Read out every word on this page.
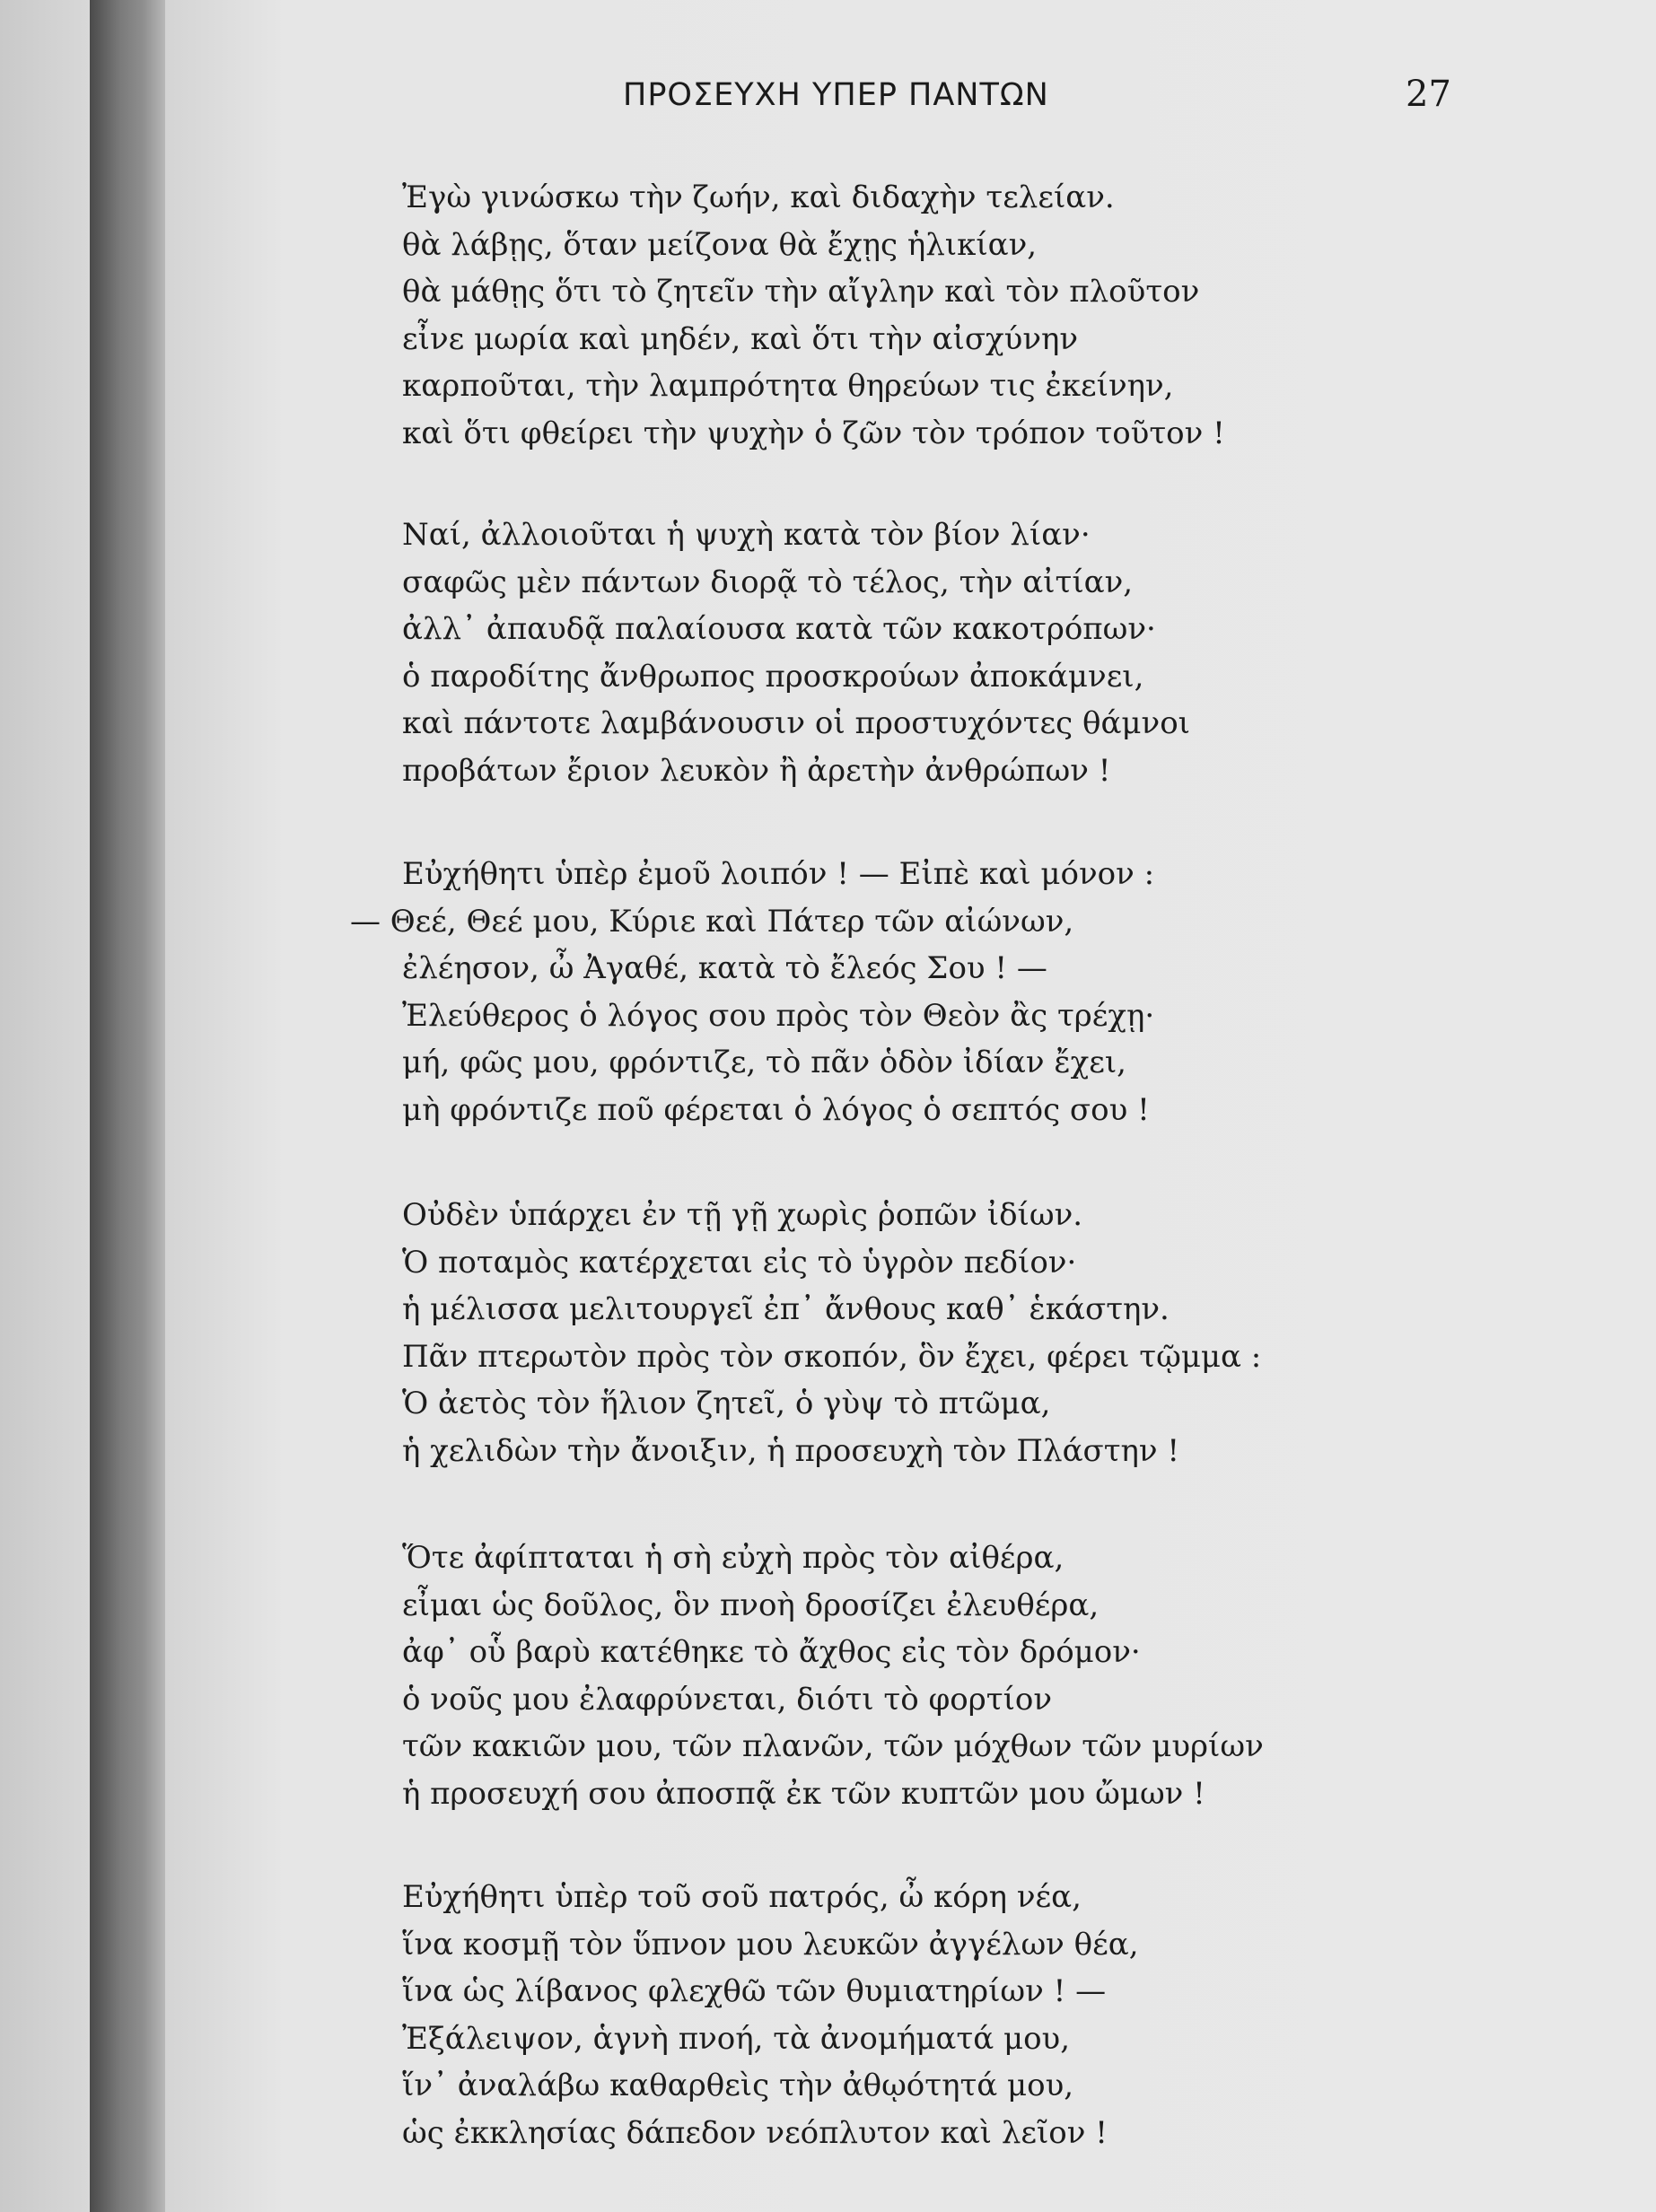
ΠΡΟΣΕΥΧΗ ΥΠΕΡ ΠΑΝΤΩΝ	27
Ἐγὼ γινώσκω τὴν ζωήν, καὶ διδαχὴν τελείαν.
θὰ λάβῃς, ὅταν μείζονα θὰ ἔχῃς ἡλικίαν,
θὰ μάθῃς ὅτι τὸ ζητεῖν τὴν αἴγλην καὶ τὸν πλοῦτον
εἶνε μωρία καὶ μηδέν, καὶ ὅτι τὴν αἰσχύνην
καρποῦται, τὴν λαμπρότητα θηρεύων τις ἐκείνην,
καὶ ὅτι φθείρει τὴν ψυχὴν ὁ ζῶν τὸν τρόπον τοῦτον !
Ναί, ἀλλοιοῦται ἡ ψυχὴ κατὰ τὸν βίον λίαν·
σαφῶς μὲν πάντων διορᾷ τὸ τέλος, τὴν αἰτίαν,
ἀλλ᾽ ἀπαυδᾷ παλαίουσα κατὰ τῶν κακοτρόπων·
ὁ παροδίτης ἄνθρωπος προσκρούων ἀποκάμνει,
καὶ πάντοτε λαμβάνουσιν οἱ προστυχόντες θάμνοι
προβάτων ἔριον λευκὸν ἢ ἀρετὴν ἀνθρώπων !
Εὐχήθητι ὑπὲρ ἐμοῦ λοιπόν ! — Εἰπὲ καὶ μόνον :
— Θεέ, Θεέ μου, Κύριε καὶ Πάτερ τῶν αἰώνων,
ἐλέησον, ὦ Ἀγαθέ, κατὰ τὸ ἔλεός Σου ! —
Ἐλεύθερος ὁ λόγος σου πρὸς τὸν Θεὸν ἂς τρέχῃ·
μή, φῶς μου, φρόντιζε, τὸ πᾶν ὁδὸν ἰδίαν ἔχει,
μὴ φρόντιζε ποῦ φέρεται ὁ λόγος ὁ σεπτός σου !
Οὐδὲν ὑπάρχει ἐν τῇ γῇ χωρὶς ῥοπῶν ἰδίων.
Ὁ ποταμὸς κατέρχεται εἰς τὸ ὑγρὸν πεδίον·
ἡ μέλισσα μελιτουργεῖ ἐπ᾽ ἄνθους καθ᾽ ἑκάστην.
Πᾶν πτερωτὸν πρὸς τὸν σκοπόν, ὃν ἔχει, φέρει τῷμμα :
Ὁ ἀετὸς τὸν ἥλιον ζητεῖ, ὁ γὺψ τὸ πτῶμα,
ἡ χελιδὼν τὴν ἄνοιξιν, ἡ προσευχὴ τὸν Πλάστην !
Ὅτε ἀφίπταται ἡ σὴ εὐχὴ πρὸς τὸν αἰθέρα,
εἶμαι ὡς δοῦλος, ὃν πνοὴ δροσίζει ἐλευθέρα,
ἀφ᾽ οὗ βαρὺ κατέθηκε τὸ ἄχθος εἰς τὸν δρόμον·
ὁ νοῦς μου ἐλαφρύνεται, διότι τὸ φορτίον
τῶν κακιῶν μου, τῶν πλανῶν, τῶν μόχθων τῶν μυρίων
ἡ προσευχή σου ἀποσπᾷ ἐκ τῶν κυπτῶν μου ὤμων !
Εὐχήθητι ὑπὲρ τοῦ σοῦ πατρός, ὦ κόρη νέα,
ἵνα κοσμῇ τὸν ὕπνον μου λευκῶν ἀγγέλων θέα,
ἵνα ὡς λίβανος φλεχθῶ τῶν θυμιατηρίων ! —
Ἐξάλειψον, ἁγνὴ πνοή, τὰ ἀνομήματά μου,
ἵν᾽ ἀναλάβω καθαρθεὶς τὴν ἀθῳότητά μου,
ὡς ἐκκλησίας δάπεδον νεόπλυτον καὶ λεῖον !
